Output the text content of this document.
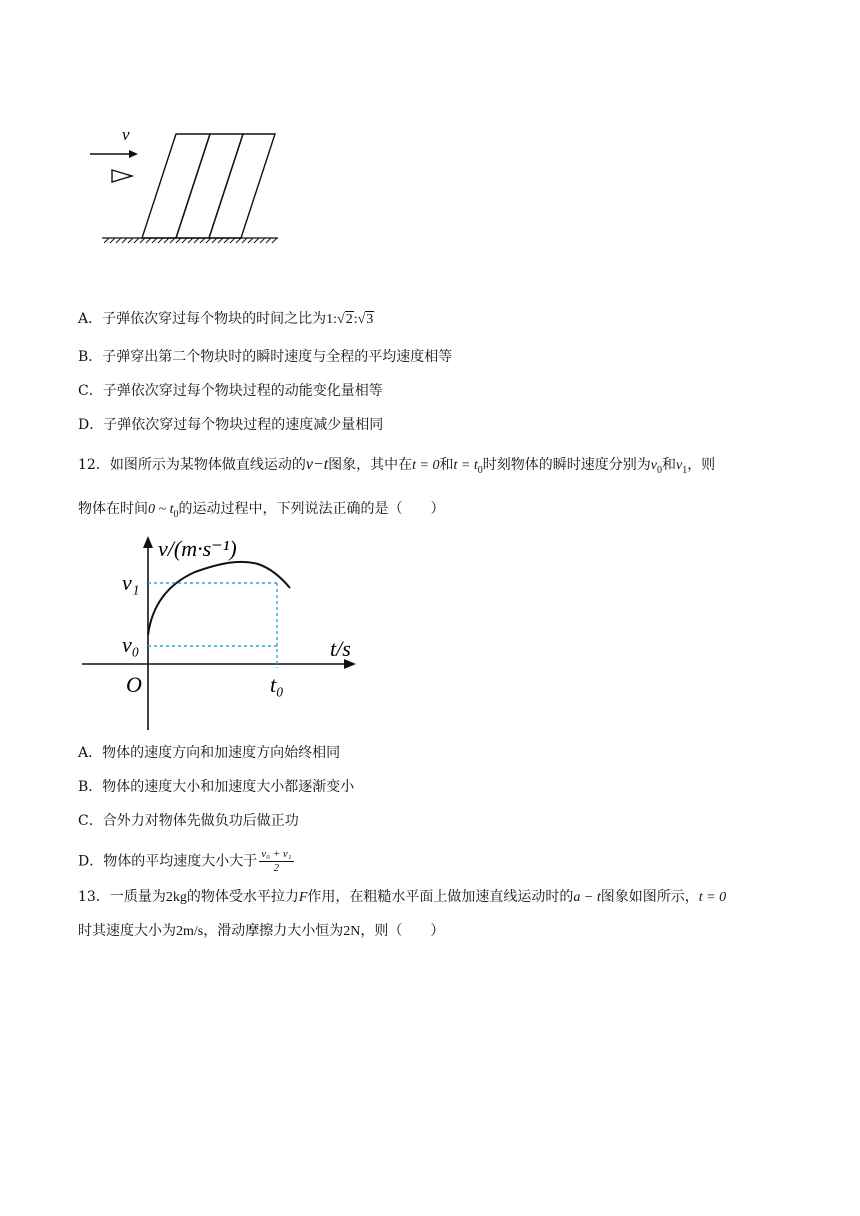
v
A．子弹依次穿过每个物块的时间之比为1:√2:√3
B．子弹穿出第二个物块时的瞬时速度与全程的平均速度相等
C．子弹依次穿过每个物块过程的动能变化量相等
D．子弹依次穿过每个物块过程的速度减少量相同
12．如图所示为某物体做直线运动的v−t图象，其中在t = 0和$t = t_0$时刻物体的瞬时速度分别为$v_0$和$v_1$，则
物体在时间0 ~ $t_0$的运动过程中，下列说法正确的是（　　）
v/(m·s⁻¹)
t/s
O
v₁
v₀
t₀
A．物体的速度方向和加速度方向始终相同
B．物体的速度大小和加速度大小都逐渐变小
C．合外力对物体先做负功后做正功
D．物体的平均速度大小大于 $\frac{\text{v₀ + v₁}}{2}$
13．一质量为2kg的物体受水平拉力F作用，在粗糙水平面上做加速直线运动时的a − t图象如图所示，t = 0
时其速度大小为2m/s，滑动摩擦力大小恒为2N，则（　　）
